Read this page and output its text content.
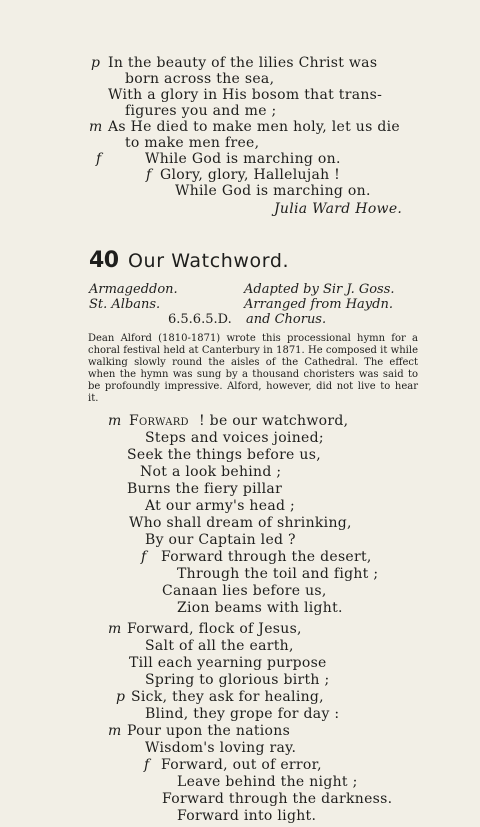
p In the beauty of the lilies Christ was
born across the sea,
With a glory in His bosom that trans-
figures you and me ;
m As He died to make men holy, let us die
to make men free,
f	While God is marching on.
f Glory, glory, Hallelujah !
While God is marching on.
Julia Ward Howe.
40 Our Watchword.
Armageddon.	Adapted by Sir J. Goss.
St. Albans.	Arranged from Haydn.
6.5.6.5.D. and Chorus.
Dean Alford (1810-1871) wrote this processional hymn for a choral festival held at Canterbury in 1871. He composed it while walking slowly round the aisles of the Cathedral. The effect when the hymn was sung by a thousand choristers was said to be profoundly impressive. Alford, however, did not live to hear it.
m Forward ! be our watchword,
Steps and voices joined;
Seek the things before us,
Not a look behind ;
Burns the fiery pillar
At our army's head ;
Who shall dream of shrinking,
By our Captain led ?
f Forward through the desert,
Through the toil and fight ;
Canaan lies before us,
Zion beams with light.
m Forward, flock of Jesus,
Salt of all the earth,
Till each yearning purpose
Spring to glorious birth ;
p Sick, they ask for healing,
Blind, they grope for day :
m Pour upon the nations
Wisdom's loving ray.
f Forward, out of error,
Leave behind the night ;
Forward through the darkness.
Forward into light.
